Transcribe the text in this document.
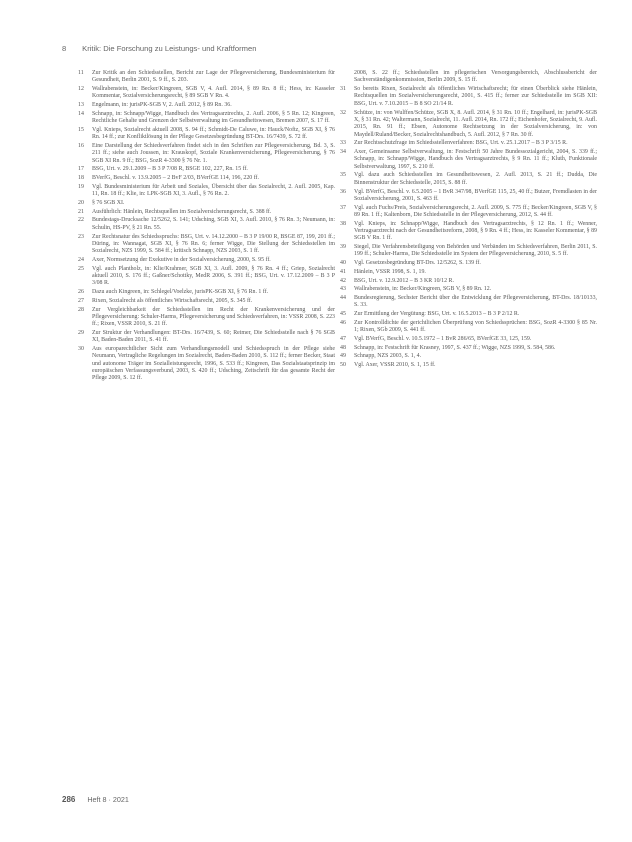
8 Kritik: Die Forschung zu Leistungs- und Kraftformen
11	Zur Kritik an den Schiedsstellen, Bericht zur Lage der Pflegeversicherung, Bundesministerium für Gesundheit, Berlin 2001, S. 9 ff., S. 203.
12	Wallrabenstein, in: Becker/Kingreen, SGB V, 4. Aufl. 2014, § 89 Rn. 8 ff.; Hess, in: Kasseler Kommentar, Sozialversicherungsrecht, § 89 SGB V Rn. 4.
13	Engelmann, in: jurisPK-SGB V, 2. Aufl. 2012, § 89 Rn. 36.
14	Schnapp, in: Schnapp/Wigge, Handbuch des Vertragsarztrechts, 2. Aufl. 2006, § 5 Rn. 12; Kingreen, Rechtliche Gehalte und Grenzen der Selbstverwaltung im Gesundheitswesen, Bremen 2007, S. 17 ff.
15	Vgl. Knieps, Sozialrecht aktuell 2008, S. 94 ff.; Schmidt-De Caluwe, in: Hauck/Noftz, SGB XI, § 76 Rn. 14 ff.; zur Konfliktlösung in der Pflege Gesetzesbegründung BT-Drs. 16/7439, S. 72 ff.
16	Eine Darstellung der Schiedsverfahren findet sich in den Schriften zur Pflegeversicherung, Bd. 3, S. 211 ff.; siehe auch Joussen, in: Krauskopf, Soziale Krankenversicherung, Pflegeversicherung, § 76 SGB XI Rn. 9 ff.; BSG, SozR 4-3300 § 76 Nr. 1.
17	BSG, Urt. v. 29.1.2009 – B 3 P 7/08 R, BSGE 102, 227, Rn. 15 ff.
18	BVerfG, Beschl. v. 13.9.2005 – 2 BvF 2/03, BVerfGE 114, 196, 220 ff.
19	Vgl. Bundesministerium für Arbeit und Soziales, Übersicht über das Sozialrecht, 2. Aufl. 2005, Kap. 11, Rn. 18 ff.; Klie, in: LPK-SGB XI, 3. Aufl., § 76 Rn. 2.
20	§ 76 SGB XI.
21	Ausführlich: Hänlein, Rechtsquellen im Sozialversicherungsrecht, S. 388 ff.
22	Bundestags-Drucksache 12/5262, S. 141; Udsching, SGB XI, 3. Aufl. 2010, § 76 Rn. 3; Neumann, in: Schulin, HS-PV, § 21 Rn. 55.
23	Zur Rechtsnatur des Schiedsspruchs: BSG, Urt. v. 14.12.2000 – B 3 P 19/00 R, BSGE 87, 199, 201 ff.; Düring, in: Wannagat, SGB XI, § 76 Rn. 6; ferner Wigge, Die Stellung der Schiedsstellen im Sozialrecht, NZS 1999, S. 584 ff.; kritisch Schnapp, NZS 2003, S. 1 ff.
24	Axer, Normsetzung der Exekutive in der Sozialversicherung, 2000, S. 95 ff.
25	Vgl. auch Plantholz, in: Klie/Krahmer, SGB XI, 3. Aufl. 2009, § 76 Rn. 4 ff.; Griep, Sozialrecht aktuell 2010, S. 176 ff.; Gaßner/Schottky, MedR 2006, S. 391 ff.; BSG, Urt. v. 17.12.2009 – B 3 P 3/08 R.
26	Dazu auch Kingreen, in: Schlegel/Voelzke, jurisPK-SGB XI, § 76 Rn. 1 ff.
27	Rixen, Sozialrecht als öffentliches Wirtschaftsrecht, 2005, S. 345 ff.
28	Zur Vergleichbarkeit der Schiedsstellen im Recht der Krankenversicherung und der Pflegeversicherung: Schuler-Harms, Pflegeversicherung und Schiedsverfahren, in: VSSR 2008, S. 223 ff.; Rixen, VSSR 2010, S. 21 ff.
29	Zur Struktur der Verhandlungen: BT-Drs. 16/7439, S. 60; Reimer, Die Schiedsstelle nach § 76 SGB XI, Baden-Baden 2011, S. 41 ff.
30	Aus europarechtlicher Sicht zum Verhandlungsmodell und Schiedsspruch in der Pflege siehe Neumann, Vertragliche Regelungen im Sozialrecht, Baden-Baden 2010, S. 112 ff.; ferner Becker, Staat und autonome Träger im Sozialleistungsrecht, 1996, S. 533 ff.; Kingreen, Das Sozialstaatsprinzip im europäischen Verfassungsverbund, 2003, S. 420 ff.; Udsching, Zeitschrift für das gesamte Recht der Pflege 2009, S. 12 ff.
2008, S. 22 ff.; Schiedsstellen im pflegerischen Versorgungsbereich, Abschlussbericht der Sachverständigenkommission, Berlin 2009, S. 15 ff.
31	So bereits Rixen, Sozialrecht als öffentliches Wirtschaftsrecht; für einen Überblick siehe Hänlein, Rechtsquellen im Sozialversicherungsrecht, 2001, S. 415 ff.; ferner zur Schiedsstelle im SGB XII: BSG, Urt. v. 7.10.2015 – B 8 SO 21/14 R.
32	Schütze, in: von Wulffen/Schütze, SGB X, 8. Aufl. 2014, § 31 Rn. 10 ff.; Engelhard, in: jurisPK-SGB X, § 31 Rn. 42; Waltermann, Sozialrecht, 11. Aufl. 2014, Rn. 172 ff.; Eichenhofer, Sozialrecht, 9. Aufl. 2015, Rn. 91 ff.; Ebsen, Autonome Rechtsetzung in der Sozialversicherung, in: von Maydell/Ruland/Becker, Sozialrechtshandbuch, 5. Aufl. 2012, § 7 Rn. 30 ff.
33	Zur Rechtsschutzfrage im Schiedsstellenverfahren: BSG, Urt. v. 25.1.2017 – B 3 P 3/15 R.
34	Axer, Gemeinsame Selbstverwaltung, in: Festschrift 50 Jahre Bundessozialgericht, 2004, S. 339 ff.; Schnapp, in: Schnapp/Wigge, Handbuch des Vertragsarztrechts, § 9 Rn. 11 ff.; Kluth, Funktionale Selbstverwaltung, 1997, S. 210 ff.
35	Vgl. dazu auch Schiedsstellen im Gesundheitswesen, 2. Aufl. 2013, S. 21 ff.; Dudda, Die Binnenstruktur der Schiedsstelle, 2015, S. 88 ff.
36	Vgl. BVerfG, Beschl. v. 6.5.2005 – 1 BvR 347/98, BVerfGE 115, 25, 40 ff.; Butzer, Fremdlasten in der Sozialversicherung, 2001, S. 463 ff.
37	Vgl. auch Fuchs/Preis, Sozialversicherungsrecht, 2. Aufl. 2009, S. 775 ff.; Becker/Kingreen, SGB V, § 89 Rn. 1 ff.; Kaltenborn, Die Schiedsstelle in der Pflegeversicherung, 2012, S. 44 ff.
38	Vgl. Knieps, in: Schnapp/Wigge, Handbuch des Vertragsarztrechts, § 12 Rn. 1 ff.; Wenner, Vertragsarztrecht nach der Gesundheitsreform, 2008, § 9 Rn. 4 ff.; Hess, in: Kasseler Kommentar, § 89 SGB V Rn. 1 ff.
39	Siegel, Die Verfahrensbeteiligung von Behörden und Verbänden im Schiedsverfahren, Berlin 2011, S. 199 ff.; Schuler-Harms, Die Schiedsstelle im System der Pflegeversicherung, 2010, S. 5 ff.
40	Vgl. Gesetzesbegründung BT-Drs. 12/5262, S. 139 ff.
41	Hänlein, VSSR 1998, S. 1, 19.
42	BSG, Urt. v. 12.9.2012 – B 3 KR 10/12 R.
43	Wallrabenstein, in: Becker/Kingreen, SGB V, § 89 Rn. 12.
44	Bundesregierung, Sechster Bericht über die Entwicklung der Pflegeversicherung, BT-Drs. 18/10133, S. 33.
45	Zur Ermittlung der Vergütung: BSG, Urt. v. 16.5.2013 – B 3 P 2/12 R.
46	Zur Kontrolldichte der gerichtlichen Überprüfung von Schiedssprüchen: BSG, SozR 4-3300 § 85 Nr. 1; Rixen, SGb 2009, S. 441 ff.
47	Vgl. BVerfG, Beschl. v. 10.5.1972 – 1 BvR 286/65, BVerfGE 33, 125, 159.
48	Schnapp, in: Festschrift für Krasney, 1997, S. 437 ff.; Wigge, NZS 1999, S. 584, 586.
49	Schnapp, NZS 2003, S. 1, 4.
50	Vgl. Axer, VSSR 2010, S. 1, 15 ff.
286 Heft 8 · 2021
